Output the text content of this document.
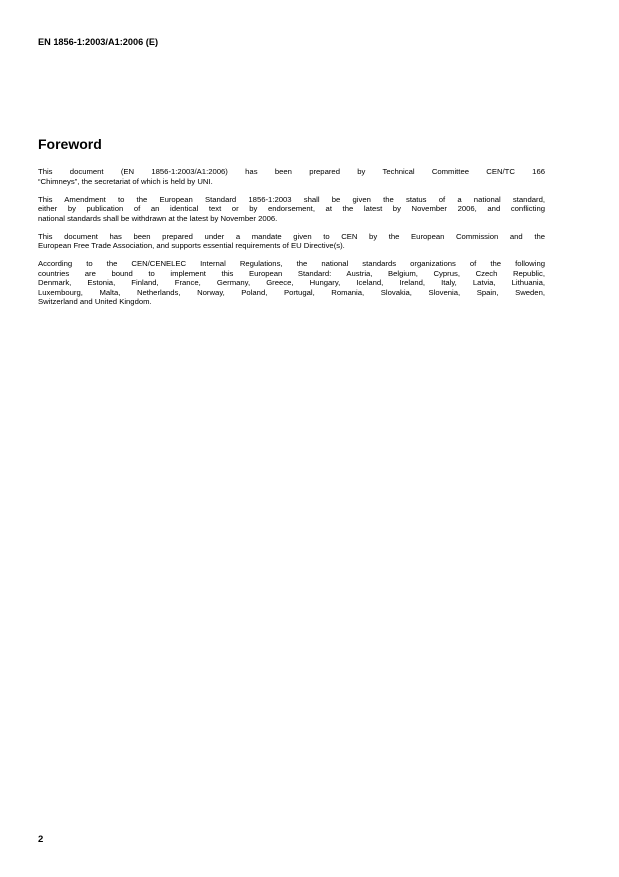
EN 1856-1:2003/A1:2006 (E)
Foreword
This document (EN 1856-1:2003/A1:2006) has been prepared by Technical Committee CEN/TC 166
“Chimneys”, the secretariat of which is held by UNI.
This Amendment to the European Standard 1856-1:2003 shall be given the status of a national standard,
either by publication of an identical text or by endorsement, at the latest by November 2006, and conflicting
national standards shall be withdrawn at the latest by November 2006.
This document has been prepared under a mandate given to CEN by the European Commission and the
European Free Trade Association, and supports essential requirements of EU Directive(s).
According to the CEN/CENELEC Internal Regulations, the national standards organizations of the following
countries are bound to implement this European Standard: Austria, Belgium, Cyprus, Czech Republic,
Denmark, Estonia, Finland, France, Germany, Greece, Hungary, Iceland, Ireland, Italy, Latvia, Lithuania,
Luxembourg, Malta, Netherlands, Norway, Poland, Portugal, Romania, Slovakia, Slovenia, Spain, Sweden,
Switzerland and United Kingdom.
2
